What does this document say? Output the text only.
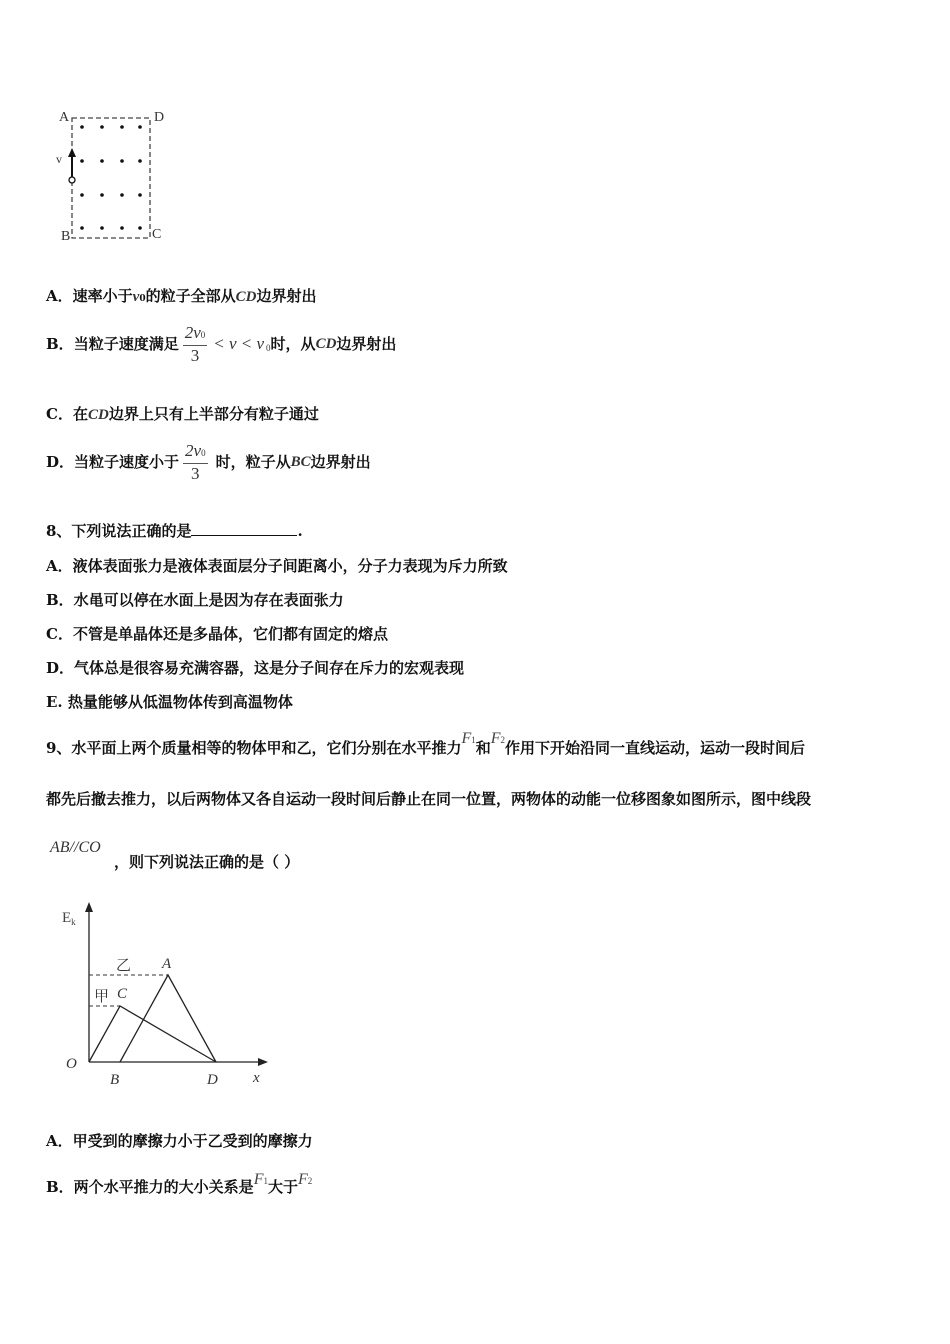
A	D
B	C
v
A．速率小于v0的粒子全部从CD边界射出
B． 当粒子速度满足 $\frac{2v0}{3} < v < v$ 0 时，从 CD 边界射出
C．在CD边界上只有上半部分有粒子通过
D． 当粒子速度小于 $\frac{2v0}{3}$ 时，粒子从 BC 边界射出
8、下列说法正确的是	.
A．液体表面张力是液体表面层分子间距离小，分子力表现为斥力所致
B．水黾可以停在水面上是因为存在表面张力
C．不管是单晶体还是多晶体，它们都有固定的熔点
D．气体总是很容易充满容器，这是分子间存在斥力的宏观表现
E. 热量能够从低温物体传到高温物体
9、水平面上两个质量相等的物体甲和乙，它们分别在水平推力F1和F2作用下开始沿同一直线运动，运动一段时间后
都先后撤去推力，以后两物体又各自运动一段时间后静止在同一位置，两物体的动能一位移图象如图所示，图中线段
AB//CO
，则下列说法正确的是（ ）
$E_k$
乙
甲
A
C
O
B	D x
A．甲受到的摩擦力小于乙受到的摩擦力
B．两个水平推力的大小关系是F1大于F2
